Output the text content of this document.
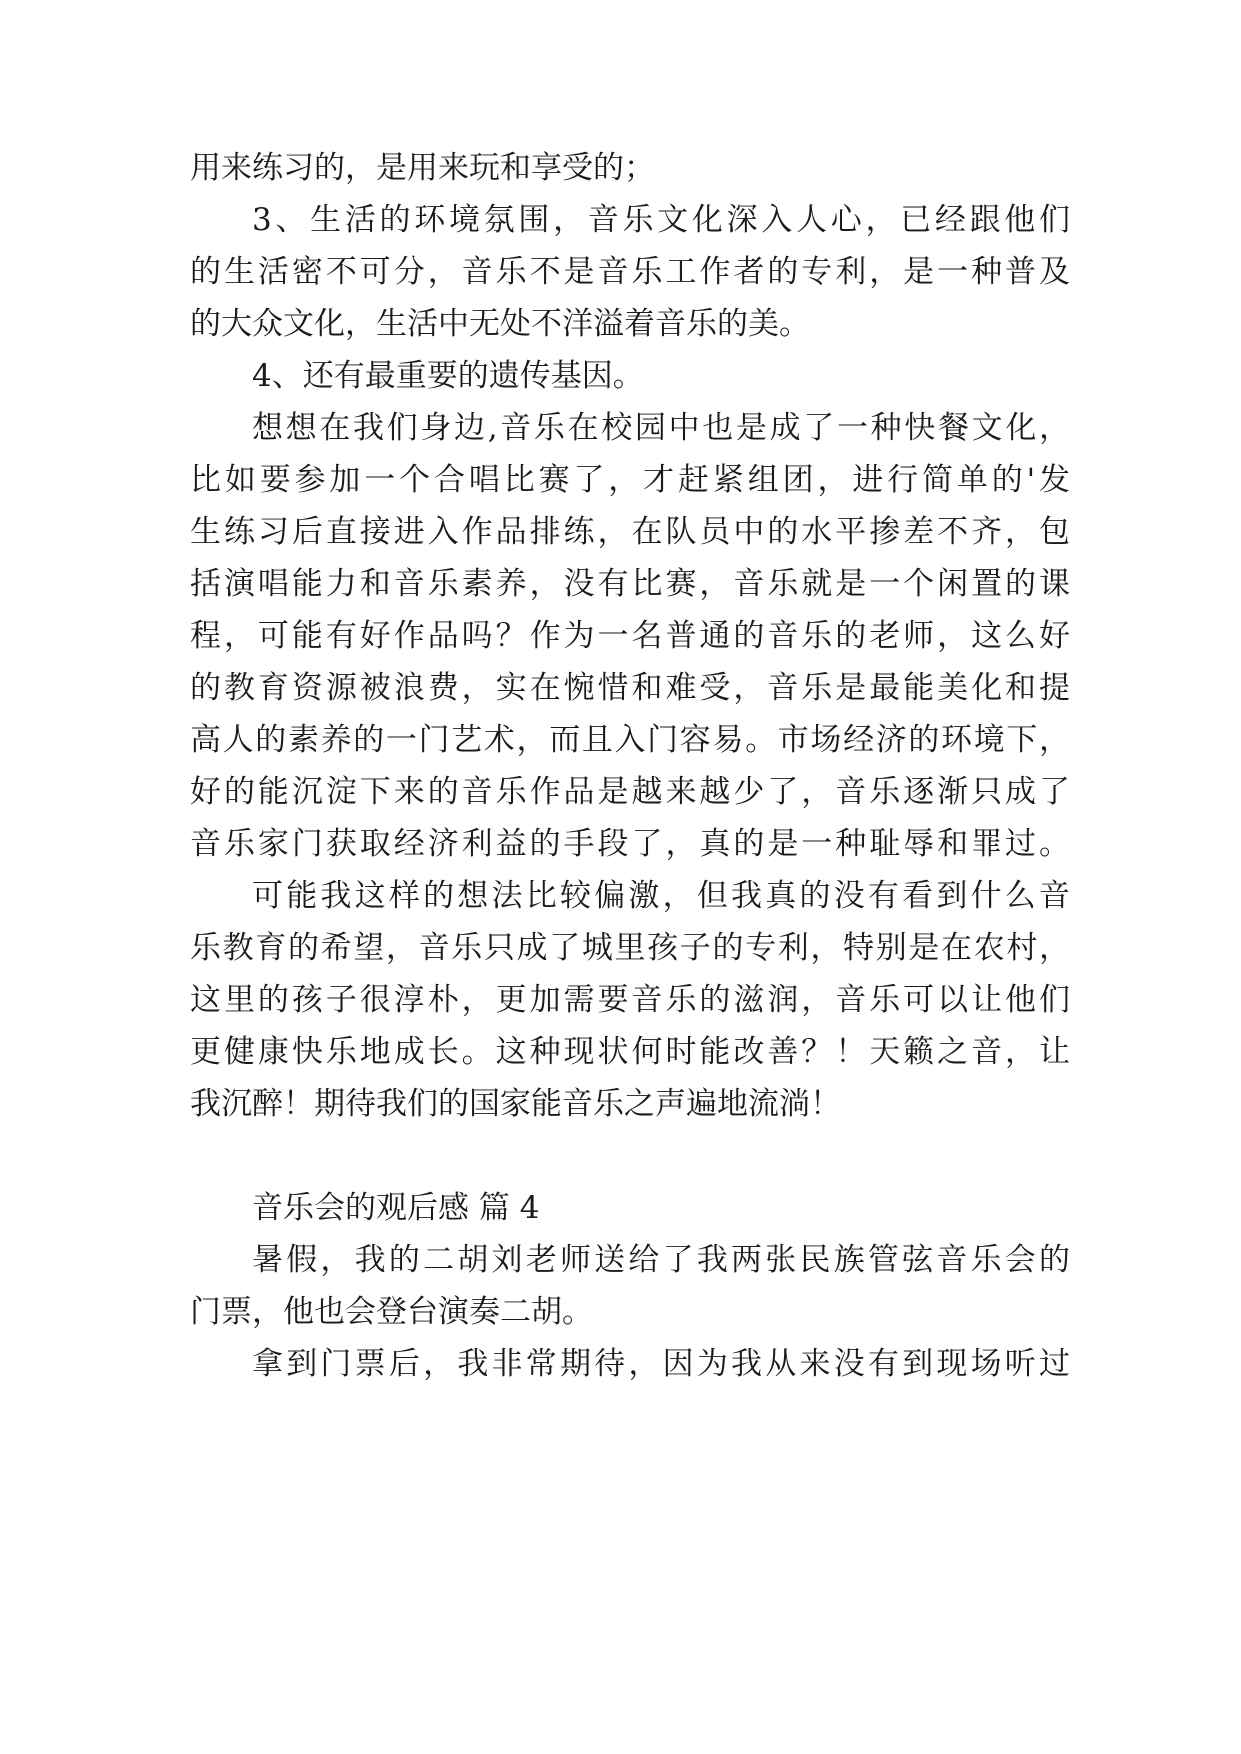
用来练习的，是用来玩和享受的；
3、生活的环境氛围，音乐文化深入人心，已经跟他们
的生活密不可分，音乐不是音乐工作者的专利，是一种普及
的大众文化，生活中无处不洋溢着音乐的美。
4、还有最重要的遗传基因。
想想在我们身边,音乐在校园中也是成了一种快餐文化，
比如要参加一个合唱比赛了，才赶紧组团，进行简单的'发
生练习后直接进入作品排练，在队员中的水平掺差不齐，包
括演唱能力和音乐素养，没有比赛，音乐就是一个闲置的课
程，可能有好作品吗？作为一名普通的音乐的老师，这么好
的教育资源被浪费，实在惋惜和难受，音乐是最能美化和提
高人的素养的一门艺术，而且入门容易。市场经济的环境下，
好的能沉淀下来的音乐作品是越来越少了，音乐逐渐只成了
音乐家门获取经济利益的手段了，真的是一种耻辱和罪过。
可能我这样的想法比较偏激，但我真的没有看到什么音
乐教育的希望，音乐只成了城里孩子的专利，特别是在农村，
这里的孩子很淳朴，更加需要音乐的滋润，音乐可以让他们
更健康快乐地成长。这种现状何时能改善？！天籁之音，让
我沉醉！期待我们的国家能音乐之声遍地流淌！
音乐会的观后感 篇 4
暑假，我的二胡刘老师送给了我两张民族管弦音乐会的
门票，他也会登台演奏二胡。
拿到门票后，我非常期待，因为我从来没有到现场听过
